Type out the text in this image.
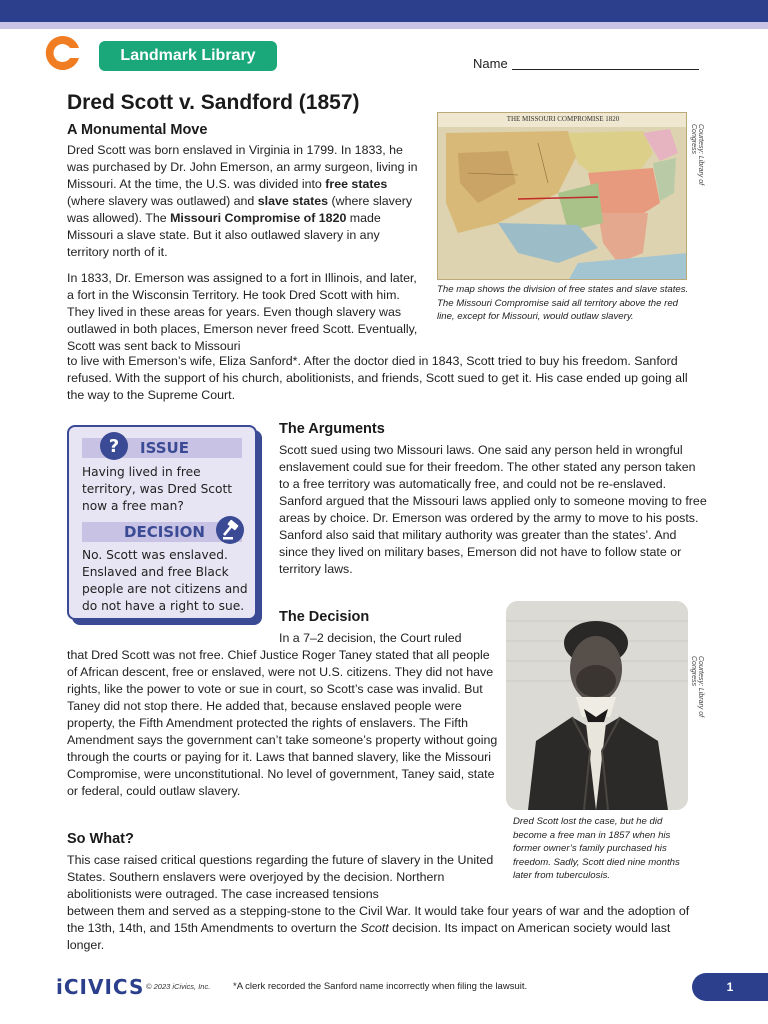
Landmark Library	Name
Dred Scott v. Sandford (1857)
A Monumental Move
Dred Scott was born enslaved in Virginia in 1799. In 1833, he was purchased by Dr. John Emerson, an army surgeon, living in Missouri. At the time, the U.S. was divided into free states (where slavery was outlawed) and slave states (where slavery was allowed). The Missouri Compromise of 1820 made Missouri a slave state. But it also outlawed slavery in any territory north of it.
In 1833, Dr. Emerson was assigned to a fort in Illinois, and later, a fort in the Wisconsin Territory. He took Dred Scott with him. They lived in these areas for years. Even though slavery was outlawed in both places, Emerson never freed Scott. Eventually, Scott was sent back to Missouri
to live with Emerson’s wife, Eliza Sanford*. After the doctor died in 1843, Scott tried to buy his freedom. Sanford refused. With the support of his church, abolitionists, and friends, Scott sued to get it. His case ended up going all the way to the Supreme Court.
THE MISSOURI COMPROMISE 1820
Courtesy: Library of Congress
The map shows the division of free states and slave states. The Missouri Compromise said all territory above the red line, except for Missouri, would outlaw slavery.
? ISSUE
Having lived in free territory, was Dred Scott now a free man?
DECISION
No. Scott was enslaved. Enslaved and free Black people are not citizens and do not have a right to sue.
The Arguments
Scott sued using two Missouri laws. One said any person held in wrongful enslavement could sue for their freedom. The other stated any person taken to a free territory was automatically free, and could not be re-enslaved. Sanford argued that the Missouri laws applied only to someone moving to free areas by choice. Dr. Emerson was ordered by the army to move to his posts. Sanford also said that military authority was greater than the states’. And since they lived on military bases, Emerson did not have to follow state or territory laws.
The Decision
In a 7–2 decision, the Court ruled
that Dred Scott was not free. Chief Justice Roger Taney stated that all people of African descent, free or enslaved, were not U.S. citizens. They did not have rights, like the power to vote or sue in court, so Scott’s case was invalid. But Taney did not stop there. He added that, because enslaved people were property, the Fifth Amendment protected the rights of enslavers. The Fifth Amendment says the government can’t take someone’s property without going through the courts or paying for it. Laws that banned slavery, like the Missouri Compromise, were unconstitutional. No level of government, Taney said, state or federal, could outlaw slavery.
Courtesy: Library of Congress
Dred Scott lost the case, but he did become a free man in 1857 when his former owner’s family purchased his freedom. Sadly, Scott died nine months later from tuberculosis.
So What?
This case raised critical questions regarding the future of slavery in the United States. Southern enslavers were overjoyed by the decision. Northern abolitionists were outraged. The case increased tensions
between them and served as a stepping-stone to the Civil War. It would take four years of war and the adoption of the 13th, 14th, and 15th Amendments to overturn the Scott decision. Its impact on American society would last longer.
iCIVICS © 2023 iCivics, Inc. *A clerk recorded the Sanford name incorrectly when filing the lawsuit.	1
